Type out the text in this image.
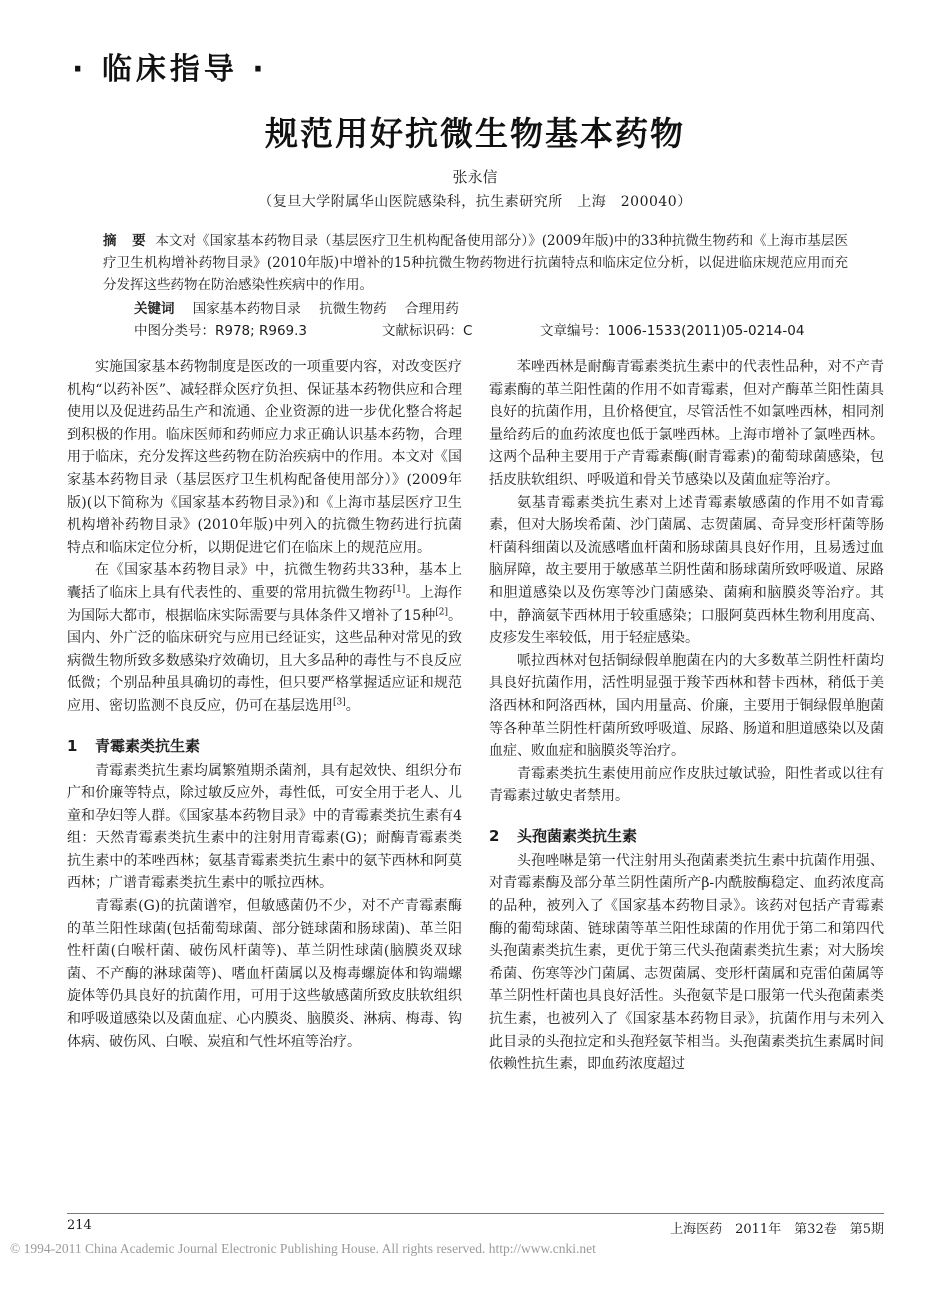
· 临床指导 ·
规范用好抗微生物基本药物
张永信
（复旦大学附属华山医院感染科，抗生素研究所　上海　200040）
摘　要 本文对《国家基本药物目录（基层医疗卫生机构配备使用部分）》(2009年版)中的33种抗微生物药和《上海市基层医疗卫生机构增补药物目录》(2010年版)中增补的15种抗微生物药物进行抗菌特点和临床定位分析，以促进临床规范应用而充分发挥这些药物在防治感染性疾病中的作用。
关键词 国家基本药物目录 抗微生物药 合理用药
中图分类号：R978; R969.3	文献标识码：C	文章编号：1006-1533(2011)05-0214-04

实施国家基本药物制度是医改的一项重要内容，对改变医疗机构“以药补医”、减轻群众医疗负担、保证基本药物供应和合理使用以及促进药品生产和流通、企业资源的进一步优化整合将起到积极的作用。临床医师和药师应力求正确认识基本药物，合理用于临床，充分发挥这些药物在防治疾病中的作用。本文对《国家基本药物目录（基层医疗卫生机构配备使用部分）》(2009年版)(以下简称为《国家基本药物目录》)和《上海市基层医疗卫生机构增补药物目录》(2010年版)中列入的抗微生物药进行抗菌特点和临床定位分析，以期促进它们在临床上的规范应用。

在《国家基本药物目录》中，抗微生物药共33种，基本上囊括了临床上具有代表性的、重要的常用抗微生物药[1]。上海作为国际大都市，根据临床实际需要与具体条件又增补了15种[2]。国内、外广泛的临床研究与应用已经证实，这些品种对常见的致病微生物所致多数感染疗效确切，且大多品种的毒性与不良反应低微；个别品种虽具确切的毒性，但只要严格掌握适应证和规范应用、密切监测不良反应，仍可在基层选用[3]。

1 青霉素类抗生素

青霉素类抗生素均属繁殖期杀菌剂，具有起效快、组织分布广和价廉等特点，除过敏反应外，毒性低，可安全用于老人、儿童和孕妇等人群。《国家基本药物目录》中的青霉素类抗生素有4组：天然青霉素类抗生素中的注射用青霉素(G)；耐酶青霉素类抗生素中的苯唑西林；氨基青霉素类抗生素中的氨苄西林和阿莫西林；广谱青霉素类抗生素中的哌拉西林。

青霉素(G)的抗菌谱窄，但敏感菌仍不少，对不产青霉素酶的革兰阳性球菌(包括葡萄球菌、部分链球菌和肠球菌)、革兰阳性杆菌(白喉杆菌、破伤风杆菌等)、革兰阴性球菌(脑膜炎双球菌、不产酶的淋球菌等)、嗜血杆菌属以及梅毒螺旋体和钩端螺旋体等仍具良好的抗菌作用，可用于这些敏感菌所致皮肤软组织和呼吸道感染以及菌血症、心内膜炎、脑膜炎、淋病、梅毒、钩体病、破伤风、白喉、炭疽和气性坏疽等治疗。

苯唑西林是耐酶青霉素类抗生素中的代表性品种，对不产青霉素酶的革兰阳性菌的作用不如青霉素，但对产酶革兰阳性菌具良好的抗菌作用，且价格便宜，尽管活性不如氯唑西林，相同剂量给药后的血药浓度也低于氯唑西林。上海市增补了氯唑西林。这两个品种主要用于产青霉素酶(耐青霉素)的葡萄球菌感染，包括皮肤软组织、呼吸道和骨关节感染以及菌血症等治疗。

氨基青霉素类抗生素对上述青霉素敏感菌的作用不如青霉素，但对大肠埃希菌、沙门菌属、志贺菌属、奇异变形杆菌等肠杆菌科细菌以及流感嗜血杆菌和肠球菌具良好作用，且易透过血脑屏障，故主要用于敏感革兰阴性菌和肠球菌所致呼吸道、尿路和胆道感染以及伤寒等沙门菌感染、菌痢和脑膜炎等治疗。其中，静滴氨苄西林用于较重感染；口服阿莫西林生物利用度高、皮疹发生率较低，用于轻症感染。

哌拉西林对包括铜绿假单胞菌在内的大多数革兰阴性杆菌均具良好抗菌作用，活性明显强于羧苄西林和替卡西林，稍低于美洛西林和阿洛西林，国内用量高、价廉，主要用于铜绿假单胞菌等各种革兰阴性杆菌所致呼吸道、尿路、肠道和胆道感染以及菌血症、败血症和脑膜炎等治疗。

青霉素类抗生素使用前应作皮肤过敏试验，阳性者或以往有青霉素过敏史者禁用。

2 头孢菌素类抗生素

头孢唑啉是第一代注射用头孢菌素类抗生素中抗菌作用强、对青霉素酶及部分革兰阴性菌所产β-内酰胺酶稳定、血药浓度高的品种，被列入了《国家基本药物目录》。该药对包括产青霉素酶的葡萄球菌、链球菌等革兰阳性球菌的作用优于第二和第四代头孢菌素类抗生素，更优于第三代头孢菌素类抗生素；对大肠埃希菌、伤寒等沙门菌属、志贺菌属、变形杆菌属和克雷伯菌属等革兰阴性杆菌也具良好活性。头孢氨苄是口服第一代头孢菌素类抗生素，也被列入了《国家基本药物目录》，抗菌作用与未列入此目录的头孢拉定和头孢羟氨苄相当。头孢菌素类抗生素属时间依赖性抗生素，即血药浓度超过

214	上海医药　2011年　第32卷　第5期
© 1994-2011 China Academic Journal Electronic Publishing House. All rights reserved. http://www.cnki.net
